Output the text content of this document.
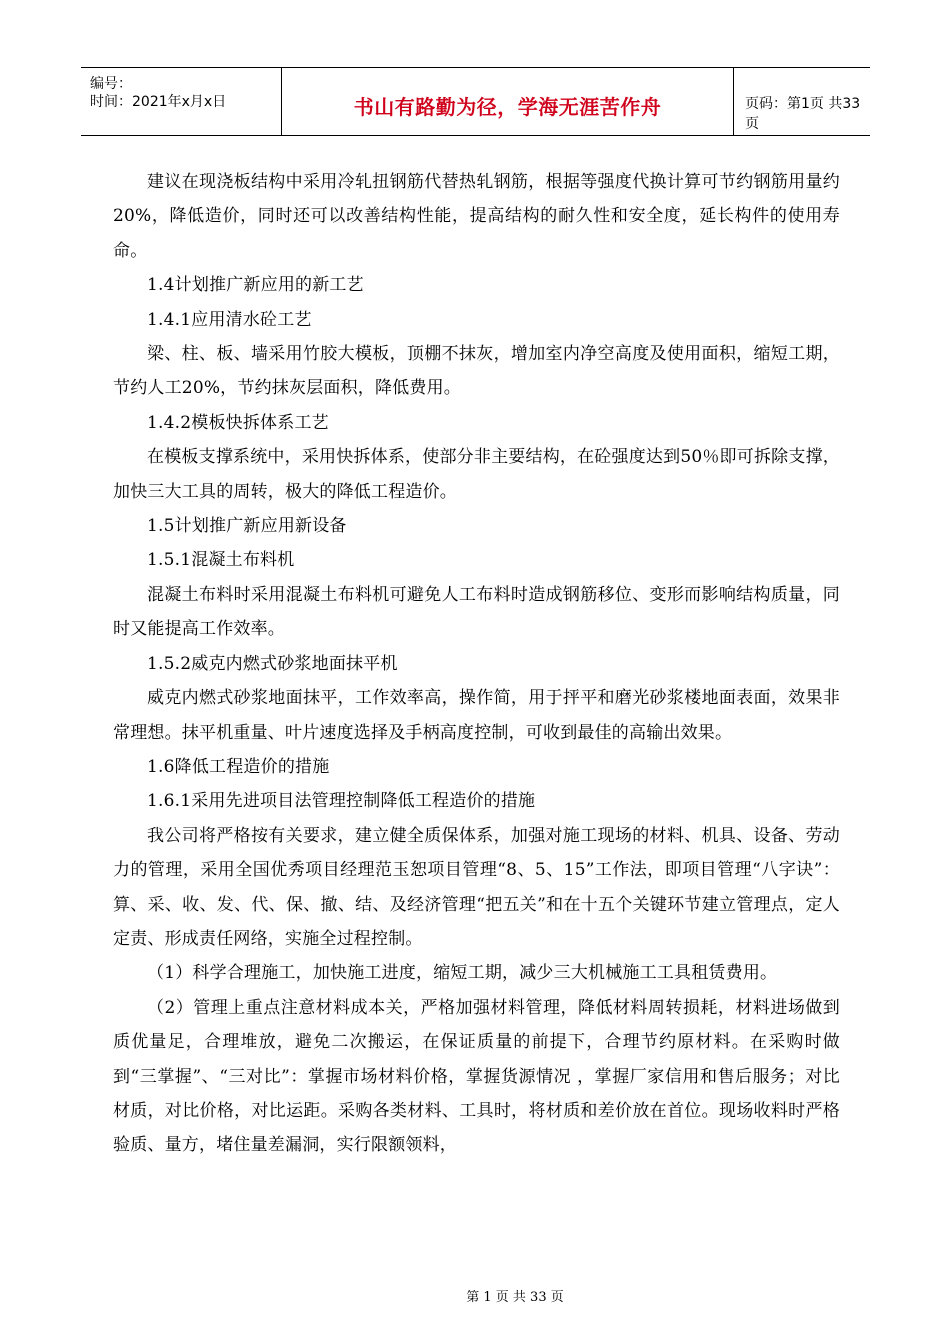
编号：
时间：2021年x月x日	书山有路勤为径，学海无涯苦作舟	页码：第1页 共33页

建议在现浇板结构中采用冷轧扭钢筋代替热轧钢筋，根据等强度代换计算可节约钢筋用量约20%，降低造价，同时还可以改善结构性能，提高结构的耐久性和安全度，延长构件的使用寿命。

1.4计划推广新应用的新工艺

1.4.1应用清水砼工艺

梁、柱、板、墙采用竹胶大模板，顶棚不抹灰，增加室内净空高度及使用面积，缩短工期，节约人工20%，节约抹灰层面积，降低费用。

1.4.2模板快拆体系工艺

在模板支撑系统中，采用快拆体系，使部分非主要结构，在砼强度达到50％即可拆除支撑，加快三大工具的周转，极大的降低工程造价。

1.5计划推广新应用新设备

1.5.1混凝土布料机

混凝土布料时采用混凝土布料机可避免人工布料时造成钢筋移位、变形而影响结构质量，同时又能提高工作效率。

1.5.2威克内燃式砂浆地面抹平机

威克内燃式砂浆地面抹平，工作效率高，操作简，用于抨平和磨光砂浆楼地面表面，效果非常理想。抹平机重量、叶片速度选择及手柄高度控制，可收到最佳的高输出效果。

1.6降低工程造价的措施

1.6.1采用先进项目法管理控制降低工程造价的措施

我公司将严格按有关要求，建立健全质保体系，加强对施工现场的材料、机具、设备、劳动力的管理，采用全国优秀项目经理范玉恕项目管理“8、5、15”工作法，即项目管理“八字诀”：算、采、收、发、代、保、撤、结、及经济管理“把五关”和在十五个关键环节建立管理点，定人定责、形成责任网络，实施全过程控制。

（1）科学合理施工，加快施工进度，缩短工期，减少三大机械施工工具租赁费用。

（2）管理上重点注意材料成本关，严格加强材料管理，降低材料周转损耗，材料进场做到质优量足，合理堆放，避免二次搬运，在保证质量的前提下，合理节约原材料。在采购时做到“三掌握”、“三对比”：掌握市场材料价格，掌握货源情况 ，掌握厂家信用和售后服务；对比材质，对比价格，对比运距。采购各类材料、工具时，将材质和差价放在首位。现场收料时严格验质、量方，堵住量差漏洞，实行限额领料，

第 1 页 共 33 页
